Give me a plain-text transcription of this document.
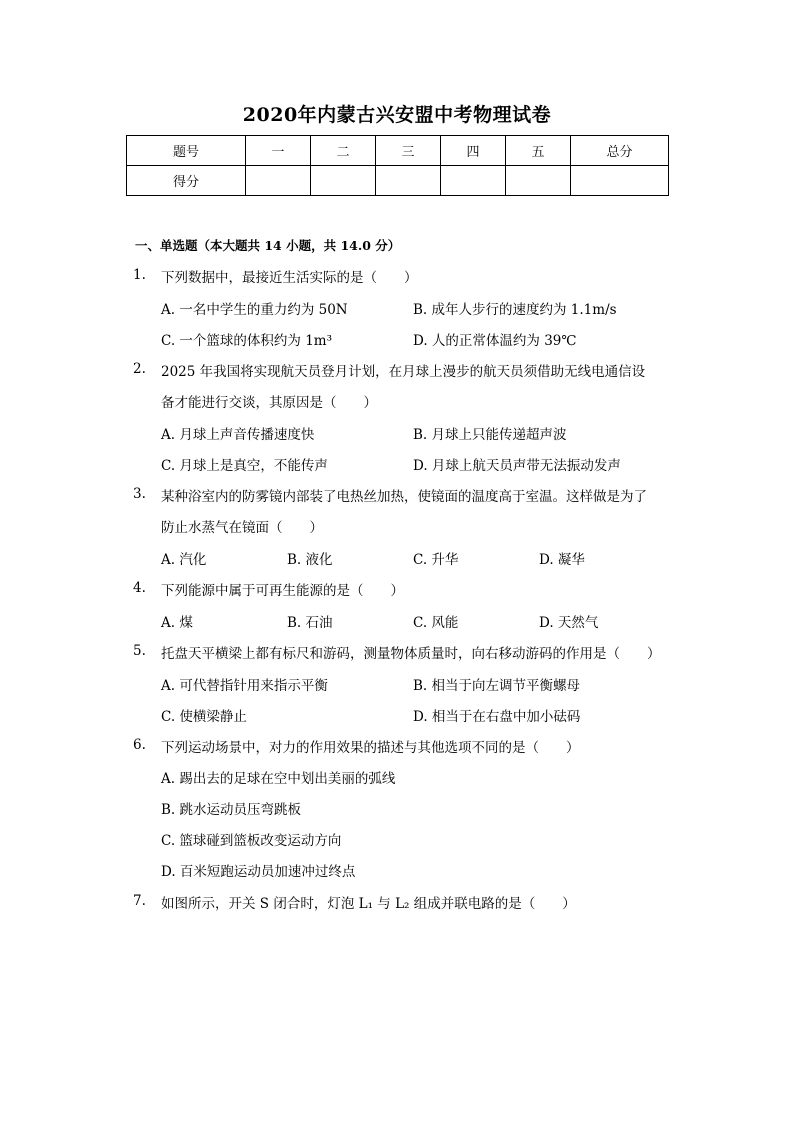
2020年内蒙古兴安盟中考物理试卷
题号	一	二	三	四	五	总分
得分						
一、单选题（本大题共 14 小题，共 14.0 分）
1. 下列数据中，最接近生活实际的是（　　）
A. 一名中学生的重力约为 50N	B. 成年人步行的速度约为 1.1m/s
C. 一个篮球的体积约为 1m³	D. 人的正常体温约为 39℃
2. 2025 年我国将实现航天员登月计划，在月球上漫步的航天员须借助无线电通信设
备才能进行交谈，其原因是（　　）
A. 月球上声音传播速度快	B. 月球上只能传递超声波
C. 月球上是真空，不能传声	D. 月球上航天员声带无法振动发声
3. 某种浴室内的防雾镜内部装了电热丝加热，使镜面的温度高于室温。这样做是为了
防止水蒸气在镜面（　　）
A. 汽化	B. 液化	C. 升华	D. 凝华
4. 下列能源中属于可再生能源的是（　　）
A. 煤	B. 石油	C. 风能	D. 天然气
5. 托盘天平横梁上都有标尺和游码，测量物体质量时，向右移动游码的作用是（　　）
A. 可代替指针用来指示平衡	B. 相当于向左调节平衡螺母
C. 使横梁静止	D. 相当于在右盘中加小砝码
6. 下列运动场景中，对力的作用效果的描述与其他选项不同的是（　　）
A. 踢出去的足球在空中划出美丽的弧线
B. 跳水运动员压弯跳板
C. 篮球碰到篮板改变运动方向
D. 百米短跑运动员加速冲过终点
7. 如图所示，开关 S 闭合时，灯泡 L₁ 与 L₂ 组成并联电路的是（　　）
